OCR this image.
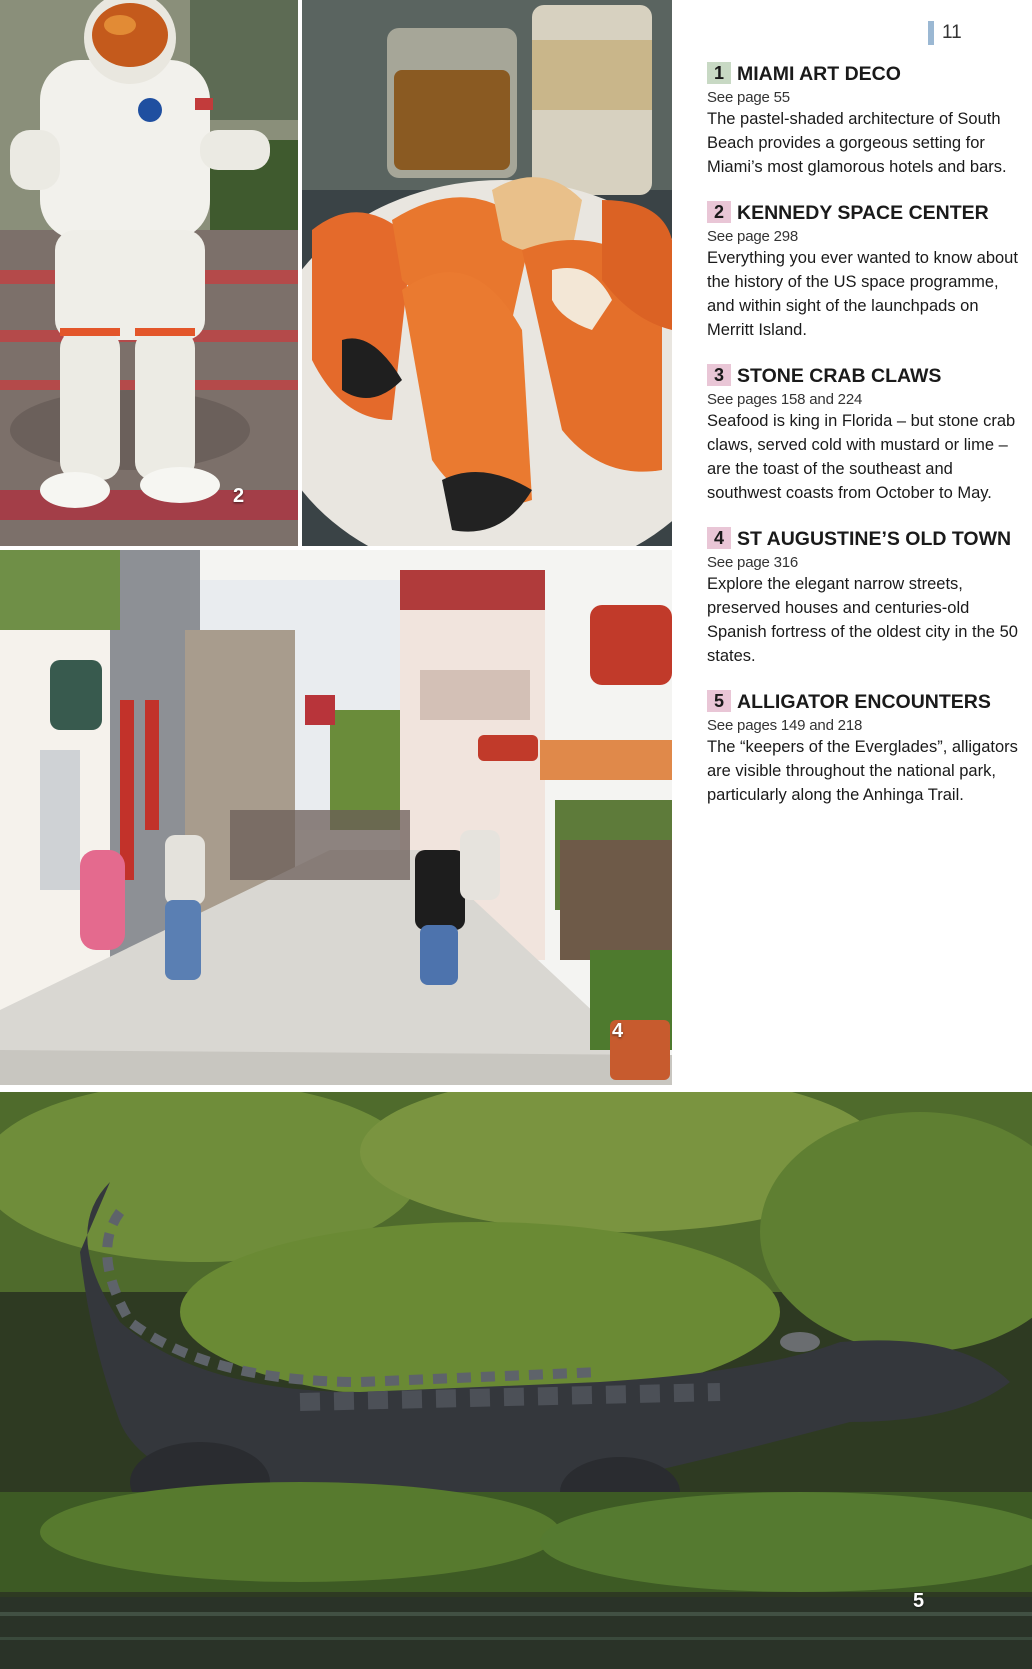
2
4
11
1 MIAMI ART DECO
See page 55
The pastel-shaded architecture of South Beach provides a gorgeous setting for Miami’s most glamorous hotels and bars.
2 KENNEDY SPACE CENTER
See page 298
Everything you ever wanted to know about the history of the US space programme, and within sight of the launchpads on Merritt Island.
3 STONE CRAB CLAWS
See pages 158 and 224
Seafood is king in Florida – but stone crab claws, served cold with mustard or lime – are the toast of the southeast and southwest coasts from October to May.
4 ST AUGUSTINE’S OLD TOWN
See page 316
Explore the elegant narrow streets, preserved houses and centuries-old Spanish fortress of the oldest city in the 50 states.
5 ALLIGATOR ENCOUNTERS
See pages 149 and 218
The “keepers of the Everglades”, alligators are visible throughout the national park, particularly along the Anhinga Trail.
5
